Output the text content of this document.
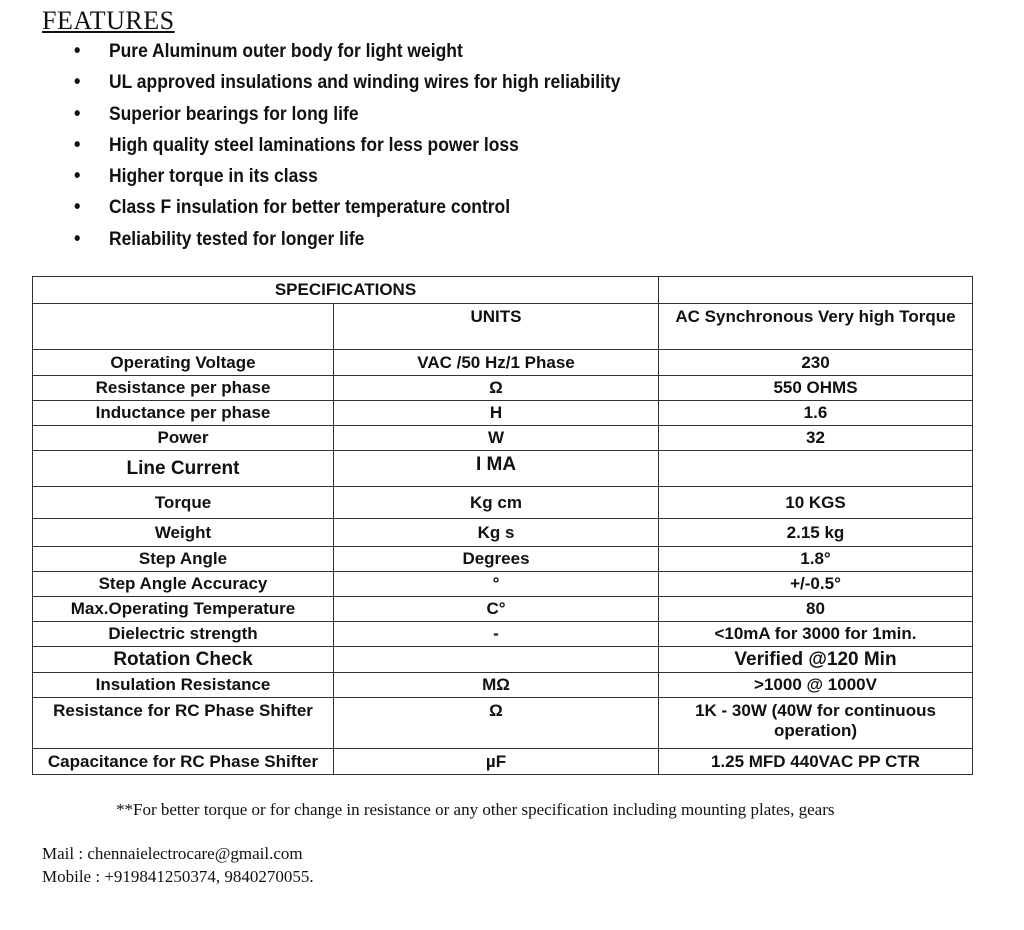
FEATURES
• Pure Aluminum outer body for light weight
• UL approved insulations and winding wires for high reliability
• Superior bearings for long life
• High quality steel laminations for less power loss
• Higher torque in its class
• Class F insulation for better temperature control
• Reliability tested for longer life
SPECIFICATIONS		
	UNITS	AC Synchronous Very high Torque
Operating Voltage	VAC /50 Hz/1 Phase	230
Resistance per phase	Ω	550 OHMS
Inductance per phase	H	1.6
Power	W	32
Line Current	I MA	
Torque	Kg cm	10 KGS
Weight	Kg s	2.15 kg
Step Angle	Degrees	1.8°
Step Angle Accuracy	°	+/-0.5°
Max.Operating Temperature	C°	80
Dielectric strength	-	<10mA for 3000 for 1min.
Rotation Check		Verified @120 Min
Insulation Resistance	MΩ	>1000 @ 1000V
Resistance for RC Phase Shifter	Ω	1K - 30W (40W for continuous operation)
Capacitance for RC Phase Shifter	µF	1.25 MFD 440VAC PP CTR
**For better torque or for change in resistance or any other specification including mounting plates, gears
Mail : chennaielectrocare@gmail.com
Mobile : +919841250374, 9840270055.
